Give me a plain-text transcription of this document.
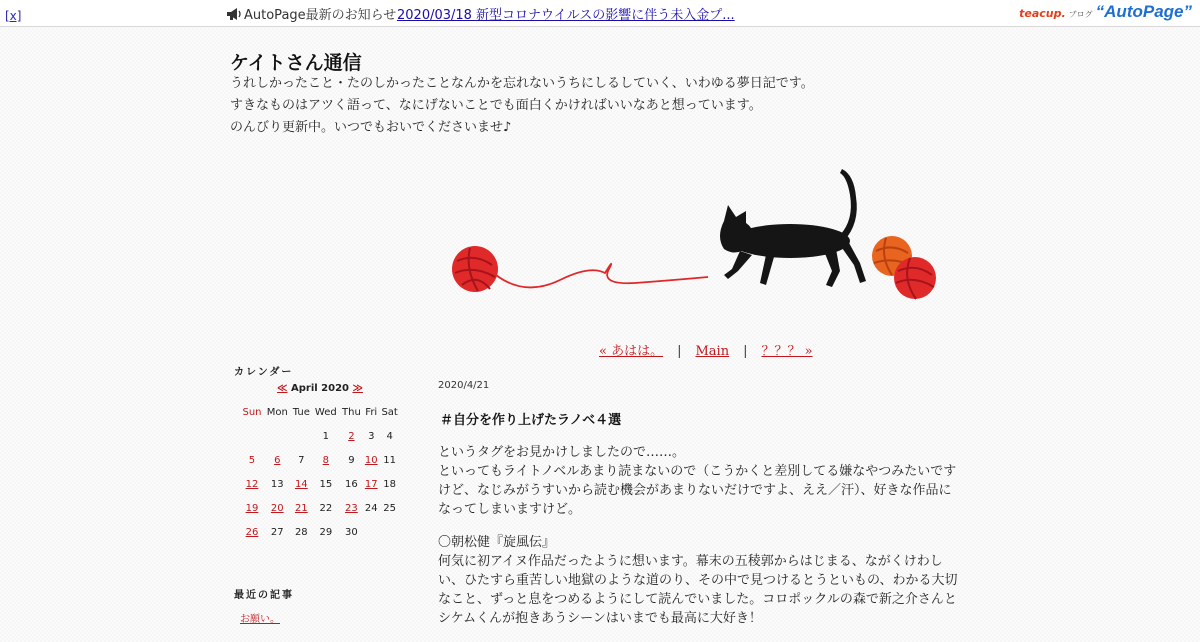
[x]	AutoPage最新のお知らせ 2020/03/18 新型コロナウイルスの影響に伴う未入金プ...	teacup. ブログ “AutoPage”
ケイトさん通信
うれしかったこと・たのしかったことなんかを忘れないうちにしるしていく、いわゆる夢日記です。
すきなものはアツく語って、なにげないことでも面白くかければいいなあと想っています。
のんびり更新中。いつでもおいでくださいませ♪
« あはは。 | Main | ？？？ »
カレンダー
≪ April 2020 ≫
Sun	Mon	Tue	Wed	Thu	Fri	Sat
			1	2	3	4
5	6	7	8	9	10	11
12	13	14	15	16	17	18
19	20	21	22	23	24	25
26	27	28	29	30		
最近の記事
お願い。
2020/4/21
＃自分を作り上げたラノベ４選

というタグをお見かけしましたので……。
といってもライトノベルあまり読まないので（こうかくと差別してる嫌なやつみたいですけど、なじみがうすいから読む機会があまりないだけですよ、ええ／汗）、好きな作品になってしまいますけど。

〇朝松健『旋風伝』
何気に初アイヌ作品だったように想います。幕末の五稜郭からはじまる、ながくけわしい、ひたすら重苦しい地獄のような道のり、その中で見つけるとうといもの、わかる大切なこと、ずっと息をつめるようにして読んでいました。コロポックルの森で新之介さんとシケムくんが抱きあうシーンはいまでも最高に大好き！
